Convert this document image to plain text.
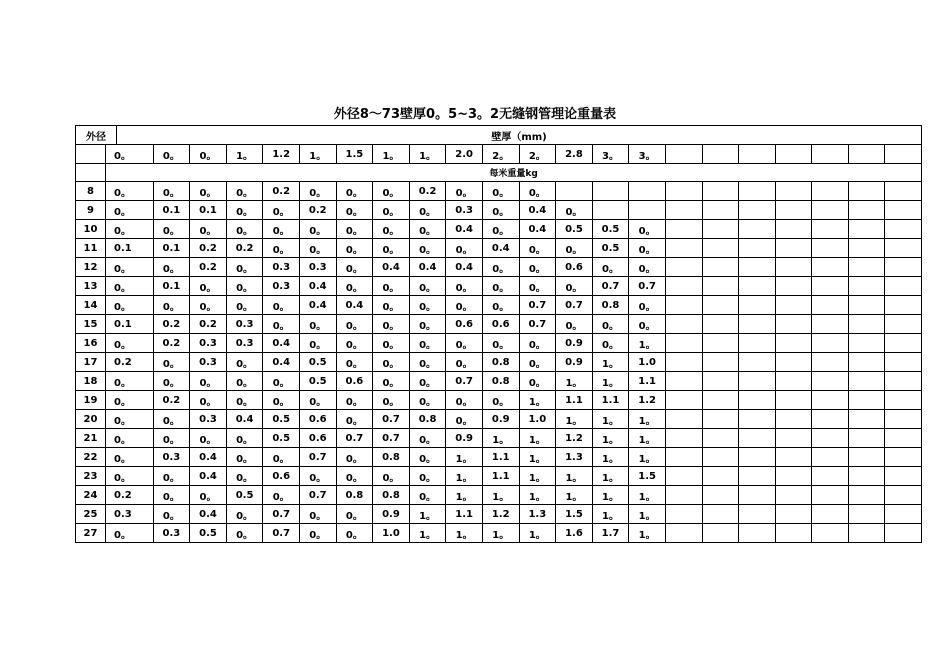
外径8～73壁厚0。5~3。2无缝钢管理论重量表
外径		壁厚（mm)																					
	0。		0。	0。	1。	1.2	1。	1.5	1。	1。	2.0	2。	2。	2.8	3。	3。							
	每米重量kg																						
8	0。		0。	0。	0。	0.2	0。	0。	0。	0.2	0。	0。	0。										
9	0。		0.1	0.1	0。	0。	0.2	0。	0。	0。	0.3	0。	0.4	0。									
10	0。		0。	0。	0。	0。	0。	0。	0。	0。	0.4	0。	0.4	0.5	0.5	0。							
11	0.1		0.1	0.2	0.2	0。	0。	0。	0。	0。	0。	0.4	0。	0。	0.5	0。							
12	0。		0。	0.2	0。	0.3	0.3	0。	0.4	0.4	0.4	0。	0。	0.6	0。	0。							
13	0。		0.1	0。	0。	0.3	0.4	0。	0。	0。	0。	0。	0。	0。	0.7	0.7							
14	0。		0。	0。	0。	0。	0.4	0.4	0。	0。	0。	0。	0.7	0.7	0.8	0。							
15	0.1		0.2	0.2	0.3	0。	0。	0。	0。	0。	0.6	0.6	0.7	0。	0。	0。							
16	0。		0.2	0.3	0.3	0.4	0。	0。	0。	0。	0。	0。	0。	0.9	0。	1。							
17	0.2		0。	0.3	0。	0.4	0.5	0。	0。	0。	0。	0.8	0。	0.9	1。	1.0							
18	0。		0。	0。	0。	0。	0.5	0.6	0。	0。	0.7	0.8	0。	1。	1。	1.1							
19	0。		0.2	0。	0。	0。	0。	0。	0。	0。	0。	0。	1。	1.1	1.1	1.2							
20	0。		0。	0.3	0.4	0.5	0.6	0。	0.7	0.8	0。	0.9	1.0	1。	1。	1。							
21	0。		0。	0。	0。	0.5	0.6	0.7	0.7	0。	0.9	1。	1。	1.2	1。	1。							
22	0。		0.3	0.4	0。	0。	0.7	0。	0.8	0。	1。	1.1	1。	1.3	1。	1。							
23	0。		0。	0.4	0。	0.6	0。	0。	0。	0。	1。	1.1	1。	1。	1。	1.5							
24	0.2		0。	0。	0.5	0。	0.7	0.8	0.8	0。	1。	1。	1。	1。	1。	1。							
25	0.3		0。	0.4	0。	0.7	0。	0。	0.9	1。	1.1	1.2	1.3	1.5	1。	1。							
27	0。		0.3	0.5	0。	0.7	0。	0。	1.0	1。	1。	1。	1。	1.6	1.7	1。							
